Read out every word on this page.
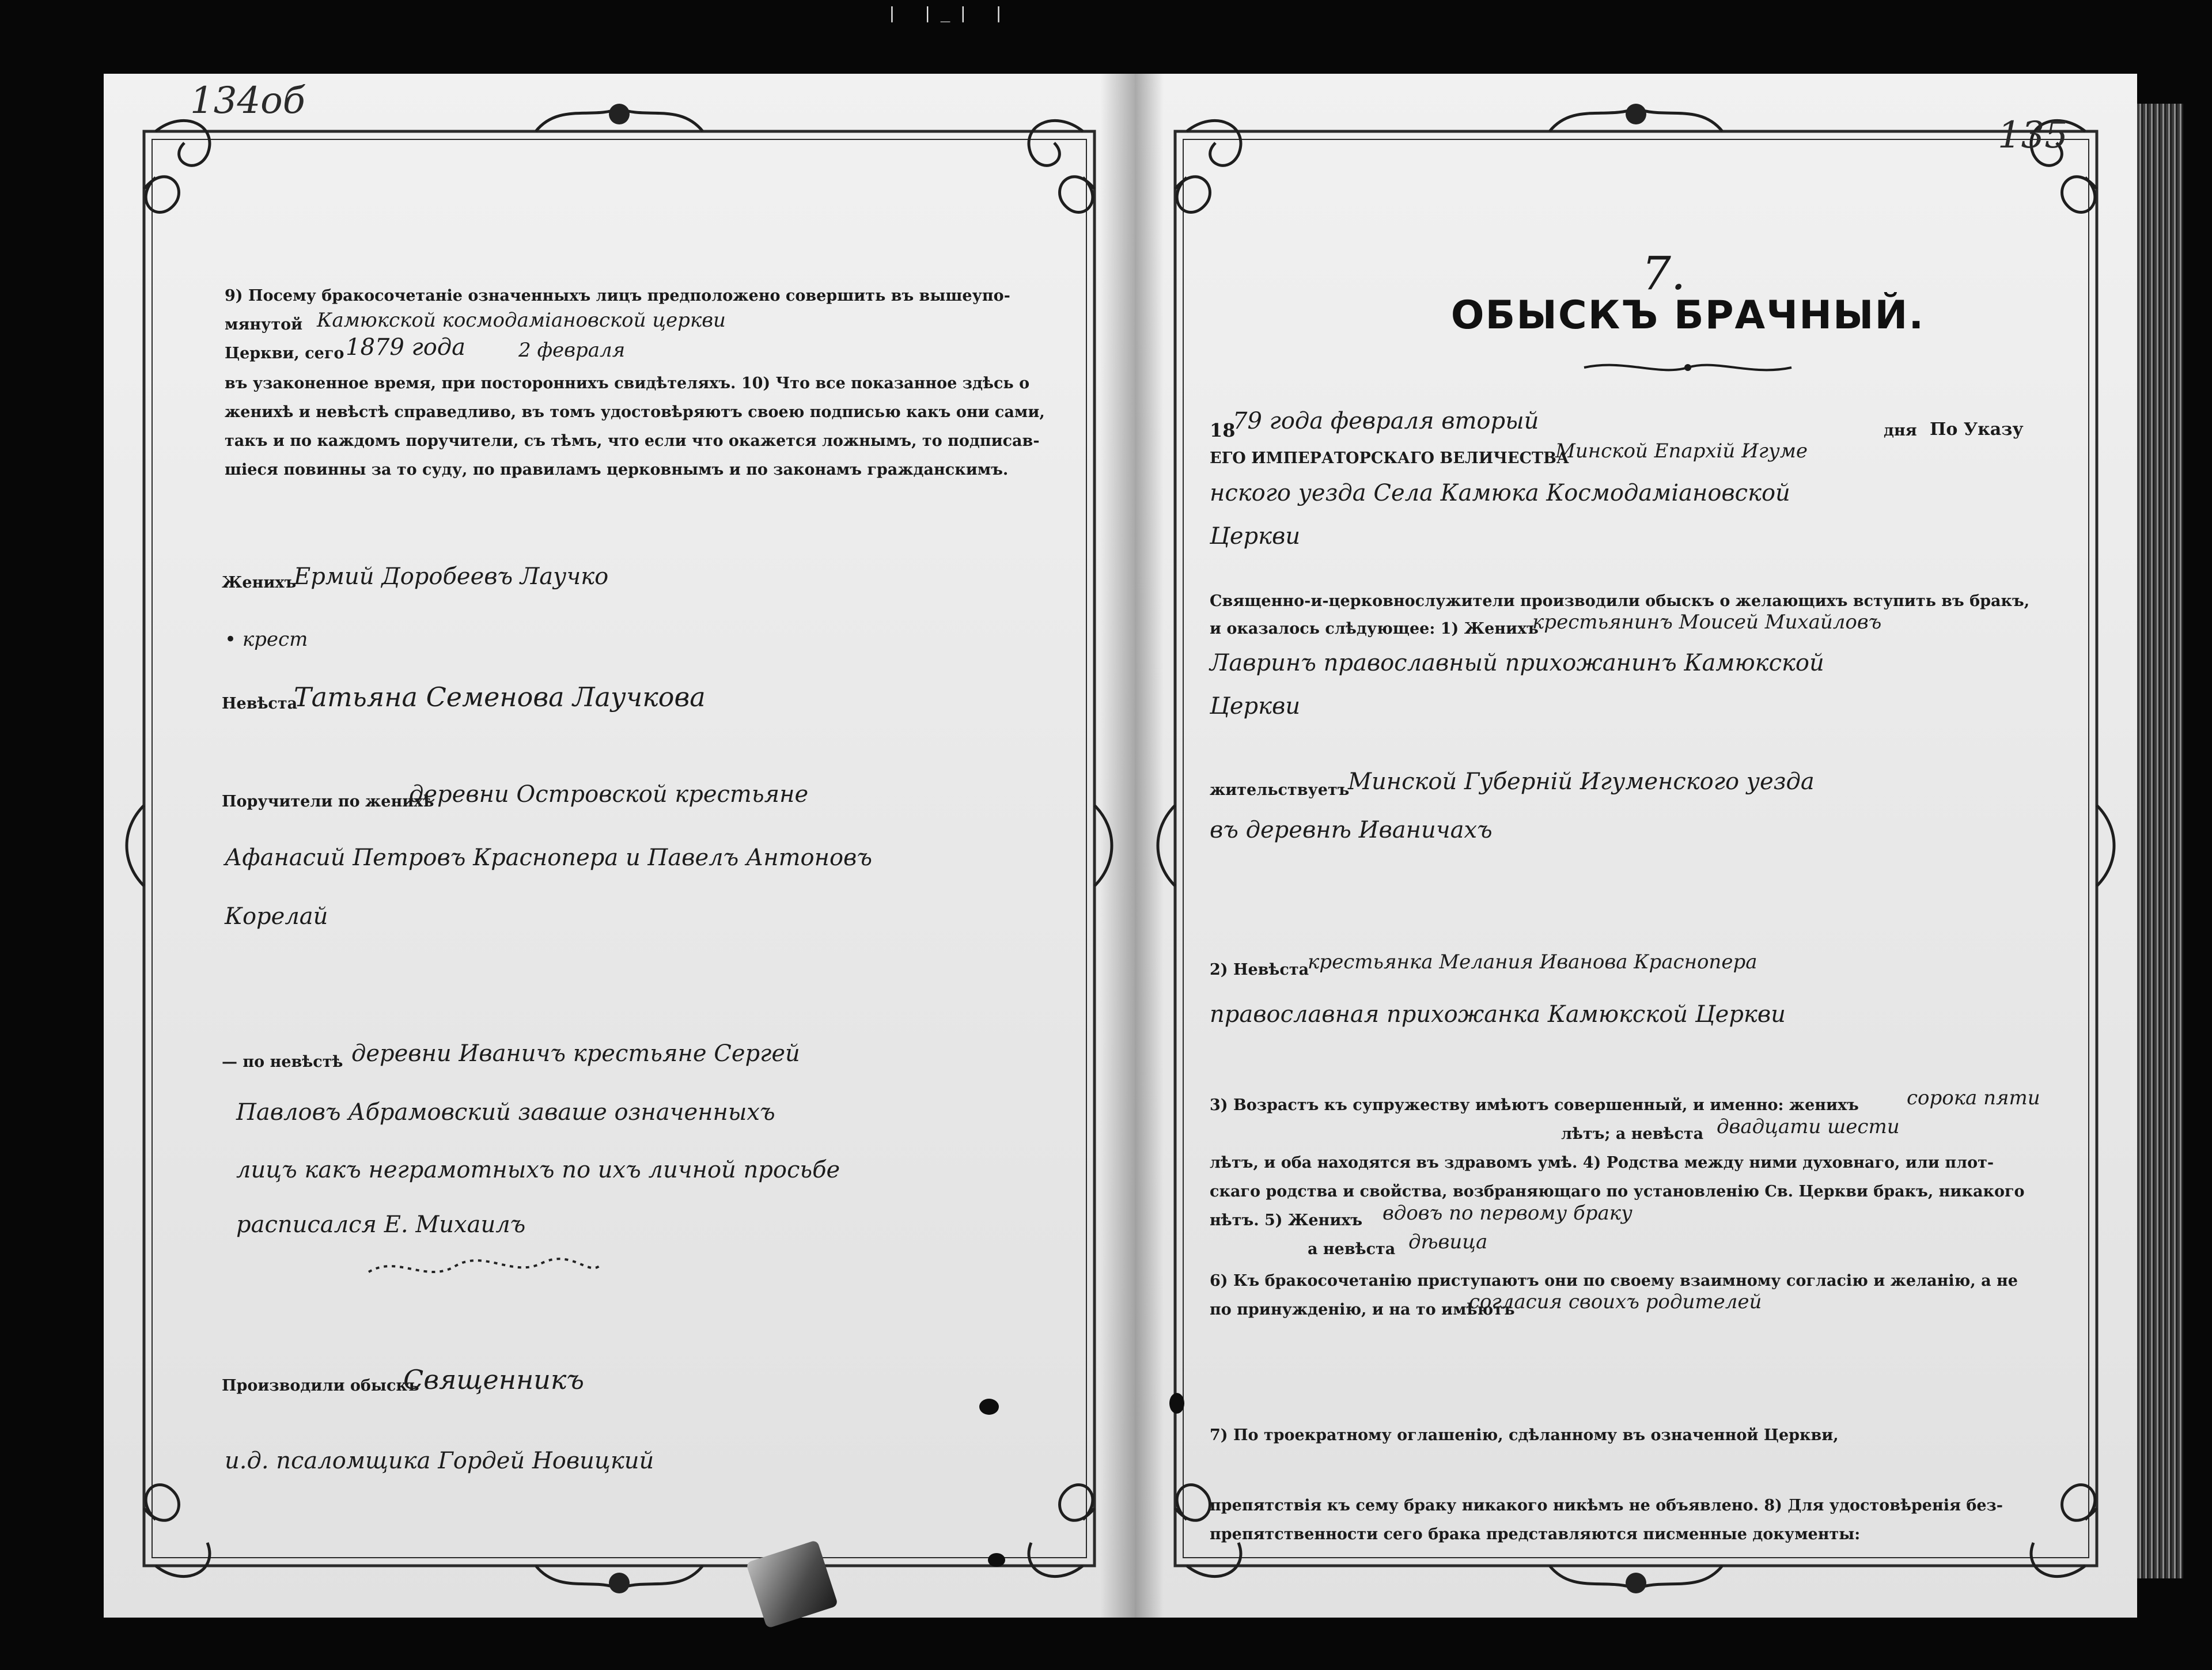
| |_| |
134об
9) Посему бракосочетаніе означенныхъ лицъ предположено совершить въ вышеупо-
мянутой Камюкской космодаміановской церкви
Церкви, сего 1879 года	2 февраля
въ узаконенное время, при постороннихъ свидѣтеляхъ. 10) Что все показанное здѣсь о
женихѣ и невѣстѣ справедливо, въ томъ удостовѣряютъ своею подписью какъ они сами,
такъ и по каждомъ поручители, съ тѣмъ, что если что окажется ложнымъ, то подписав-
шіеся повинны за то суду, по правиламъ церковнымъ и по законамъ гражданскимъ.
Женихъ
Ермий Доробеевъ Лаучко
• крест
Невѣста
Татьяна Семенова Лаучкова
Поручители по женихѣ
деревни Островской крестьяне
Афанасий Петровъ Краснопера и Павелъ Антоновъ
Корелай
— по невѣстѣ деревни Иваничъ крестьяне Сергей
Павловъ Абрамовский заваше означенныхъ
лицъ какъ неграмотныхъ по ихъ личной просьбе
расписался Е. Михаилъ
Производили обыскъ
Священникъ
и.д. псаломщика Гордей Новицкий
135
7.
ОБЫСКЪ БРАЧНЫЙ.
18
79 года февраля вторый	дня По Указу
ЕГО ИМПЕРАТОРСКАГО ВЕЛИЧЕСТВА
Минской Епархій Игуме
нского уезда Села Камюка Космодаміановской
Церкви
Священно-и-церковнослужители производили обыскъ о желающихъ вступить въ бракъ,
и оказалось слѣдующее: 1) Женихъ
крестьянинъ Моисей Михайловъ
Лавринъ православный прихожанинъ Камюкской
Церкви
жительствуетъ
Минской Губерній Игуменского уезда
въ деревнѣ Иваничахъ
2) Невѣста
крестьянка Мелания Иванова Краснопера
православная прихожанка Камюкской Церкви
3) Возрастъ къ супружеству имѣютъ совершенный, и именно: женихъ сорока пяти
лѣтъ; а невѣста двадцати шести
лѣтъ, и оба находятся въ здравомъ умѣ. 4) Родства между ними духовнаго, или плот-
скаго родства и свойства, возбраняющаго по установленію Св. Церкви бракъ, никакого
нѣтъ. 5) Женихъ вдовъ по первому браку
а невѣста дѣвица
6) Къ бракосочетанію приступаютъ они по своему взаимному согласію и желанію, а не
по принужденію, и на то имѣютъ
согласия своихъ родителей
7) По троекратному оглашенію, сдѣланному въ означенной Церкви,
препятствія къ сему браку никакого никѣмъ не объявлено. 8) Для удостовѣренія без-
препятственности сего брака представляются писменные документы:
